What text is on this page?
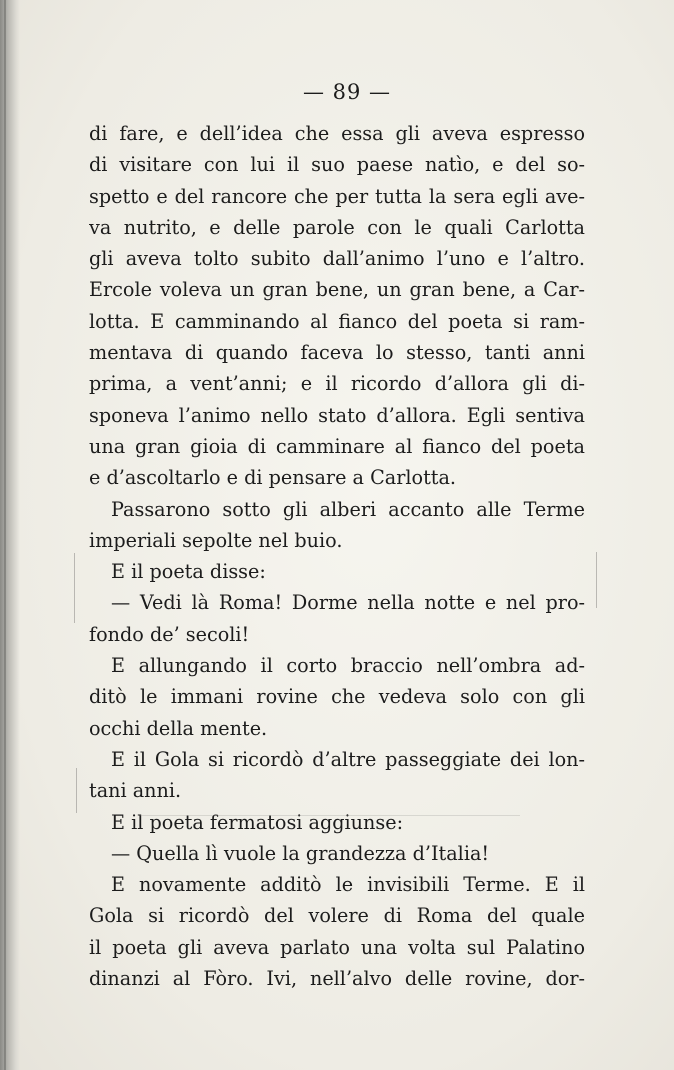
— 89 —
di fare, e dell’idea che essa gli aveva espresso
di visitare con lui il suo paese natìo, e del so-
spetto e del rancore che per tutta la sera egli ave-
va nutrito, e delle parole con le quali Carlotta
gli aveva tolto subito dall’animo l’uno e l’altro.
Ercole voleva un gran bene, un gran bene, a Car-
lotta. E camminando al fianco del poeta si ram-
mentava di quando faceva lo stesso, tanti anni
prima, a vent’anni; e il ricordo d’allora gli di-
sponeva l’animo nello stato d’allora. Egli sentiva
una gran gioia di camminare al fianco del poeta
e d’ascoltarlo e di pensare a Carlotta.
Passarono sotto gli alberi accanto alle Terme
imperiali sepolte nel buio.
E il poeta disse:
— Vedi là Roma! Dorme nella notte e nel pro-
fondo de’ secoli!
E allungando il corto braccio nell’ombra ad-
ditò le immani rovine che vedeva solo con gli
occhi della mente.
E il Gola si ricordò d’altre passeggiate dei lon-
tani anni.
E il poeta fermatosi aggiunse:
— Quella lì vuole la grandezza d’Italia!
E novamente additò le invisibili Terme. E il
Gola si ricordò del volere di Roma del quale
il poeta gli aveva parlato una volta sul Palatino
dinanzi al Fòro. Ivi, nell’alvo delle rovine, dor-
